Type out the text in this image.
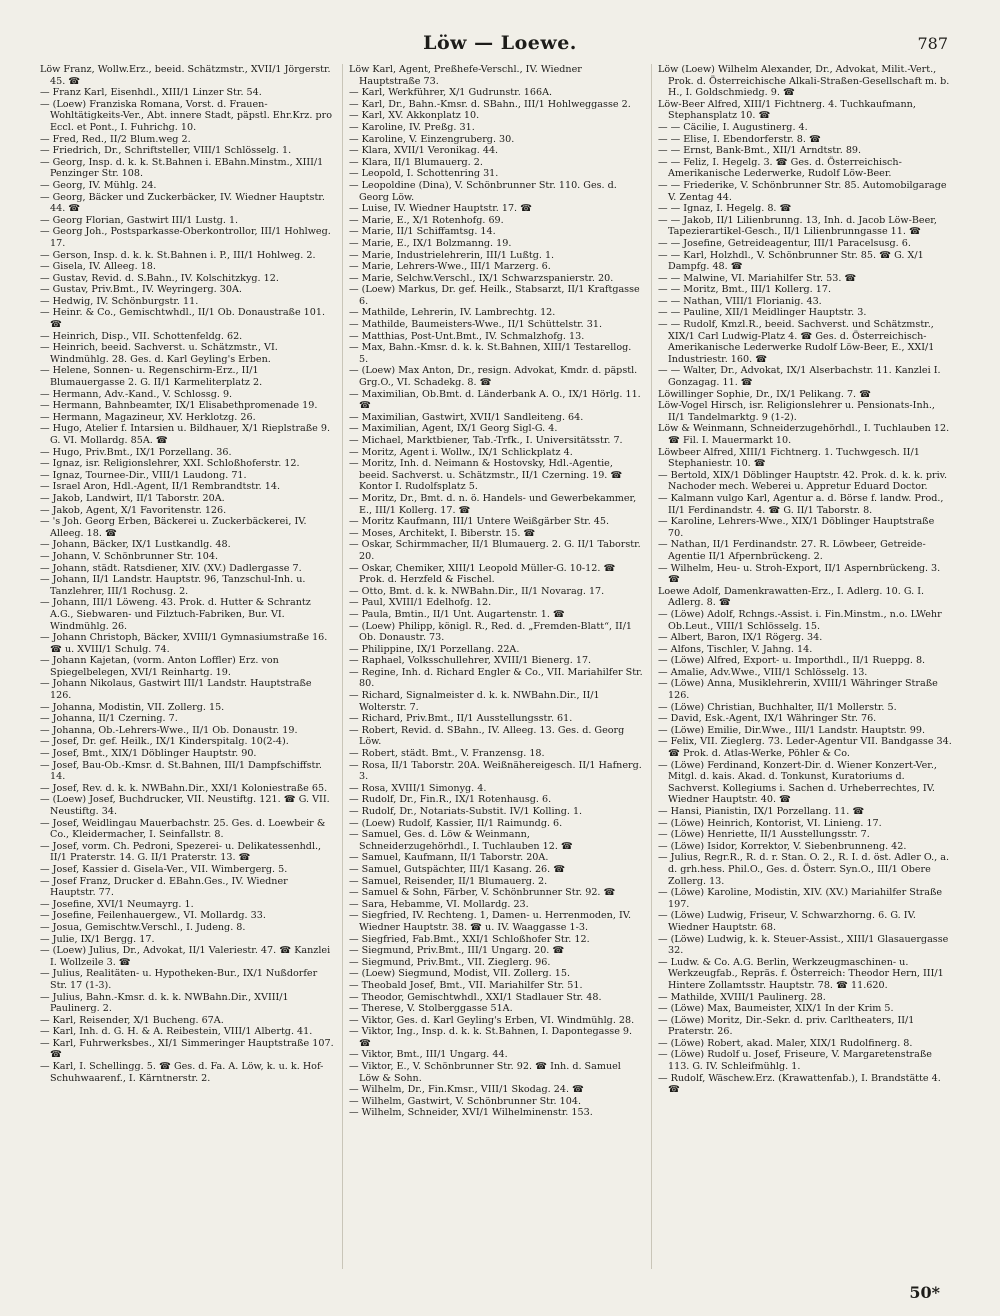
Löw — Loewe.	787

Löw Franz, Wollw.Erz., beeid. Schätzmstr., XVII/1 Jörgerstr. 45. ☎

— Franz Karl, Eisenhdl., XIII/1 Linzer Str. 54.

— (Loew) Franziska Romana, Vorst. d. Frauen-Wohltätigkeits-Ver., Abt. innere Stadt, päpstl. Ehr.Krz. pro Eccl. et Pont., I. Fuhrichg. 10.

— Fred, Red., II/2 Blum.weg 2.

— Friedrich, Dr., Schriftsteller, VIII/1 Schlösselg. 1.

— Georg, Insp. d. k. k. St.Bahnen i. EBahn.Minstm., XIII/1 Penzinger Str. 108.

— Georg, IV. Mühlg. 24.

— Georg, Bäcker und Zuckerbäcker, IV. Wiedner Hauptstr. 44. ☎

— Georg Florian, Gastwirt III/1 Lustg. 1.

— Georg Joh., Postsparkasse-Oberkontrollor, III/1 Hohlweg. 17.

— Gerson, Insp. d. k. k. St.Bahnen i. P., III/1 Hohlweg. 2.

— Gisela, IV. Alleeg. 18.

— Gustav, Revid. d. S.Bahn., IV. Kolschitzkyg. 12.

— Gustav, Priv.Bmt., IV. Weyringerg. 30A.

— Hedwig, IV. Schönburgstr. 11.

— Heinr. & Co., Gemischtwhdl., II/1 Ob. Donaustraße 101. ☎

— Heinrich, Disp., VII. Schottenfeldg. 62.

— Heinrich, beeid. Sachverst. u. Schätzmstr., VI. Windmühlg. 28. Ges. d. Karl Geyling's Erben.

— Helene, Sonnen- u. Regenschirm-Erz., II/1 Blumauergasse 2. G. II/1 Karmeliterplatz 2.

— Hermann, Adv.-Kand., V. Schlossg. 9.

— Hermann, Bahnbeamter, IX/1 Elisabethpromenade 19.

— Hermann, Magazineur, XV. Herklotzg. 26.

— Hugo, Atelier f. Intarsien u. Bildhauer, X/1 Rieplstraße 9. G. VI. Mollardg. 85A. ☎

— Hugo, Priv.Bmt., IX/1 Porzellang. 36.

— Ignaz, isr. Religionslehrer, XXI. Schloßhoferstr. 12.

— Ignaz, Tournee-Dir., VIII/1 Laudong. 71.

— Israel Aron, Hdl.-Agent, II/1 Rembrandtstr. 14.

— Jakob, Landwirt, II/1 Taborstr. 20A.

— Jakob, Agent, X/1 Favoritenstr. 126.

— 's Joh. Georg Erben, Bäckerei u. Zuckerbäckerei, IV. Alleeg. 18. ☎

— Johann, Bäcker, IX/1 Lustkandlg. 48.

— Johann, V. Schönbrunner Str. 104.

— Johann, städt. Ratsdiener, XIV. (XV.) Dadlergasse 7.

— Johann, II/1 Landstr. Hauptstr. 96, Tanzschul-Inh. u. Tanzlehrer, III/1 Rochusg. 2.

— Johann, III/1 Löweng. 43. Prok. d. Hutter & Schrantz A.G., Siebwaren- und Filztuch-Fabriken, Bur. VI. Windmühlg. 26.

— Johann Christoph, Bäcker, XVIII/1 Gymnasiumstraße 16. ☎ u. XVIII/1 Schulg. 74.

— Johann Kajetan, (vorm. Anton Loffler) Erz. von Spiegelbelegen, XVI/1 Reinhartg. 19.

— Johann Nikolaus, Gastwirt III/1 Landstr. Hauptstraße 126.

— Johanna, Modistin, VII. Zollerg. 15.

— Johanna, II/1 Czerning. 7.

— Johanna, Ob.-Lehrers-Wwe., II/1 Ob. Donaustr. 19.

— Josef, Dr. gef. Heilk., IX/1 Kinderspitalg. 10(2-4).

— Josef, Bmt., XIX/1 Döblinger Hauptstr. 90.

— Josef, Bau-Ob.-Kmsr. d. St.Bahnen, III/1 Dampfschiffstr. 14.

— Josef, Rev. d. k. k. NWBahn.Dir., XXI/1 Koloniestraße 65.

— (Loew) Josef, Buchdrucker, VII. Neustiftg. 121. ☎ G. VII. Neustiftg. 34.

— Josef, Weidlingau Mauerbachstr. 25. Ges. d. Loewbeir & Co., Kleidermacher, I. Seinfallstr. 8.

— Josef, vorm. Ch. Pedroni, Spezerei- u. Delikatessenhdl., II/1 Praterstr. 14. G. II/1 Praterstr. 13. ☎

— Josef, Kassier d. Gisela-Ver., VII. Wimbergerg. 5.

— Josef Franz, Drucker d. EBahn.Ges., IV. Wiedner Hauptstr. 77.

— Josefine, XVI/1 Neumayrg. 1.

— Josefine, Feilenhauergew., VI. Mollardg. 33.

— Josua, Gemischtw.Verschl., I. Judeng. 8.

— Julie, IX/1 Bergg. 17.

— (Loew) Julius, Dr., Advokat, II/1 Valeriestr. 47. ☎ Kanzlei I. Wollzeile 3. ☎

— Julius, Realitäten- u. Hypotheken-Bur., IX/1 Nußdorfer Str. 17 (1-3).

— Julius, Bahn.-Kmsr. d. k. k. NWBahn.Dir., XVIII/1 Paulinerg. 2.

— Karl, Reisender, X/1 Bucheng. 67A.

— Karl, Inh. d. G. H. & A. Reibestein, VIII/1 Albertg. 41.

— Karl, Fuhrwerksbes., XI/1 Simmeringer Hauptstraße 107. ☎

— Karl, I. Schellingg. 5. ☎ Ges. d. Fa. A. Löw, k. u. k. Hof-Schuhwaarenf., I. Kärntnerstr. 2.

Löw Karl, Agent, Preßhefe-Verschl., IV. Wiedner Hauptstraße 73.

— Karl, Werkführer, X/1 Gudrunstr. 166A.

— Karl, Dr., Bahn.-Kmsr. d. SBahn., III/1 Hohlweggasse 2.

— Karl, XV. Akkonplatz 10.

— Karoline, IV. Preßg. 31.

— Karoline, V. Einzengruberg. 30.

— Klara, XVII/1 Veronikag. 44.

— Klara, II/1 Blumauerg. 2.

— Leopold, I. Schottenring 31.

— Leopoldine (Dina), V. Schönbrunner Str. 110. Ges. d. Georg Löw.

— Luise, IV. Wiedner Hauptstr. 17. ☎

— Marie, E., X/1 Rotenhofg. 69.

— Marie, II/1 Schiffamtsg. 14.

— Marie, E., IX/1 Bolzmanng. 19.

— Marie, Industrielehrerin, III/1 Lußtg. 1.

— Marie, Lehrers-Wwe., III/1 Marzerg. 6.

— Marie, Selchw.Verschl., IX/1 Schwarzspanierstr. 20.

— (Loew) Markus, Dr. gef. Heilk., Stabsarzt, II/1 Kraftgasse 6.

— Mathilde, Lehrerin, IV. Lambrechtg. 12.

— Mathilde, Baumeisters-Wwe., II/1 Schüttelstr. 31.

— Matthias, Post-Unt.Bmt., IV. Schmalzhofg. 13.

— Max, Bahn.-Kmsr. d. k. k. St.Bahnen, XIII/1 Testarellog. 5.

— (Loew) Max Anton, Dr., resign. Advokat, Kmdr. d. päpstl. Grg.O., VI. Schadekg. 8. ☎

— Maximilian, Ob.Bmt. d. Länderbank A. O., IX/1 Hörlg. 11. ☎

— Maximilian, Gastwirt, XVII/1 Sandleiteng. 64.

— Maximilian, Agent, IX/1 Georg Sigl-G. 4.

— Michael, Marktbiener, Tab.-Trfk., I. Universitätsstr. 7.

— Moritz, Agent i. Wollw., IX/1 Schlickplatz 4.

— Moritz, Inh. d. Neimann & Hostovsky, Hdl.-Agentie, beeid. Sachverst. u. Schätzmstr., II/1 Czerning. 19. ☎ Kontor I. Rudolfsplatz 5.

— Moritz, Dr., Bmt. d. n. ö. Handels- und Gewerbekammer, E., III/1 Kollerg. 17. ☎

— Moritz Kaufmann, III/1 Untere Weißgärber Str. 45.

— Moses, Architekt, I. Biberstr. 15. ☎

— Oskar, Schirmmacher, II/1 Blumauerg. 2. G. II/1 Taborstr. 20.

— Oskar, Chemiker, XIII/1 Leopold Müller-G. 10-12. ☎ Prok. d. Herzfeld & Fischel.

— Otto, Bmt. d. k. k. NWBahn.Dir., II/1 Novarag. 17.

— Paul, XVIII/1 Edelhofg. 12.

— Paula, Bmtin., II/1 Unt. Augartenstr. 1. ☎

— (Loew) Philipp, königl. R., Red. d. „Fremden-Blatt“, II/1 Ob. Donaustr. 73.

— Philippine, IX/1 Porzellang. 22A.

— Raphael, Volksschullehrer, XVIII/1 Bienerg. 17.

— Regine, Inh. d. Richard Engler & Co., VII. Mariahilfer Str. 80.

— Richard, Signalmeister d. k. k. NWBahn.Dir., II/1 Wolterstr. 7.

— Richard, Priv.Bmt., II/1 Ausstellungsstr. 61.

— Robert, Revid. d. SBahn., IV. Alleeg. 13. Ges. d. Georg Löw.

— Robert, städt. Bmt., V. Franzensg. 18.

— Rosa, II/1 Taborstr. 20A. Weißnähereigesch. II/1 Hafnerg. 3.

— Rosa, XVIII/1 Simonyg. 4.

— Rudolf, Dr., Fin.R., IX/1 Rotenhausg. 6.

— Rudolf, Dr., Notariats-Substit. IV/1 Kolling. 1.

— (Loew) Rudolf, Kassier, II/1 Raimundg. 6.

— Samuel, Ges. d. Löw & Weinmann, Schneiderzugehörhdl., I. Tuchlauben 12. ☎

— Samuel, Kaufmann, II/1 Taborstr. 20A.

— Samuel, Gutspächter, III/1 Kasang. 26. ☎

— Samuel, Reisender, II/1 Blumauerg. 2.

— Samuel & Sohn, Färber, V. Schönbrunner Str. 92. ☎

— Sara, Hebamme, VI. Mollardg. 23.

— Siegfried, IV. Rechteng. 1, Damen- u. Herrenmoden, IV. Wiedner Hauptstr. 38. ☎ u. IV. Waaggasse 1-3.

— Siegfried, Fab.Bmt., XXI/1 Schloßhofer Str. 12.

— Siegmund, Priv.Bmt., III/1 Ungarg. 20. ☎

— Siegmund, Priv.Bmt., VII. Zieglerg. 96.

— (Loew) Siegmund, Modist, VII. Zollerg. 15.

— Theobald Josef, Bmt., VII. Mariahilfer Str. 51.

— Theodor, Gemischtwhdl., XXI/1 Stadlauer Str. 48.

— Therese, V. Stolberggasse 51A.

— Viktor, Ges. d. Karl Geyling's Erben, VI. Windmühlg. 28.

— Viktor, Ing., Insp. d. k. k. St.Bahnen, I. Dapontegasse 9. ☎

— Viktor, Bmt., III/1 Ungarg. 44.

— Viktor, E., V. Schönbrunner Str. 92. ☎ Inh. d. Samuel Löw & Sohn.

— Wilhelm, Dr., Fin.Kmsr., VIII/1 Skodag. 24. ☎

— Wilhelm, Gastwirt, V. Schönbrunner Str. 104.

— Wilhelm, Schneider, XVI/1 Wilhelminenstr. 153.

Löw (Loew) Wilhelm Alexander, Dr., Advokat, Milit.-Vert., Prok. d. Österreichische Alkali-Straßen-Gesellschaft m. b. H., I. Goldschmiedg. 9. ☎

Löw-Beer Alfred, XIII/1 Fichtnerg. 4. Tuchkaufmann, Stephansplatz 10. ☎

— — Cäcilie, I. Augustinerg. 4.

— — Elise, I. Ebendorferstr. 8. ☎

— — Ernst, Bank-Bmt., XII/1 Arndtstr. 89.

— — Feliz, I. Hegelg. 3. ☎ Ges. d. Österreichisch-Amerikanische Lederwerke, Rudolf Löw-Beer.

— — Friederike, V. Schönbrunner Str. 85. Automobilgarage V. Zentag 44.

— — Ignaz, I. Hegelg. 8. ☎

— — Jakob, II/1 Lilienbrunng. 13, Inh. d. Jacob Löw-Beer, Tapezierartikel-Gesch., II/1 Lilienbrunngasse 11. ☎

— — Josefine, Getreideagentur, III/1 Paracelsusg. 6.

— — Karl, Holzhdl., V. Schönbrunner Str. 85. ☎ G. X/1 Dampfg. 48. ☎

— — Malwine, VI. Mariahilfer Str. 53. ☎

— — Moritz, Bmt., III/1 Kollerg. 17.

— — Nathan, VIII/1 Florianig. 43.

— — Pauline, XII/1 Meidlinger Hauptstr. 3.

— — Rudolf, Kmzl.R., beeid. Sachverst. und Schätzmstr., XIX/1 Carl Ludwig-Platz 4. ☎ Ges. d. Österreichisch-Amerikanische Lederwerke Rudolf Löw-Beer, E., XXI/1 Industriestr. 160. ☎

— — Walter, Dr., Advokat, IX/1 Alserbachstr. 11. Kanzlei I. Gonzagag. 11. ☎

Löwillinger Sophie, Dr., IX/1 Pelikang. 7. ☎

Löw-Vogel Hirsch, isr. Religionslehrer u. Pensionats-Inh., II/1 Tandelmarktg. 9 (1-2).

Löw & Weinmann, Schneiderzugehörhdl., I. Tuchlauben 12. ☎ Fil. I. Mauermarkt 10.

Löwbeer Alfred, XIII/1 Fichtnerg. 1. Tuchwgesch. II/1 Stephaniestr. 10. ☎

— Bertold, XIX/1 Döblinger Hauptstr. 42. Prok. d. k. k. priv. Nachoder mech. Weberei u. Appretur Eduard Doctor.

— Kalmann vulgo Karl, Agentur a. d. Börse f. landw. Prod., II/1 Ferdinandstr. 4. ☎ G. II/1 Taborstr. 8.

— Karoline, Lehrers-Wwe., XIX/1 Döblinger Hauptstraße 70.

— Nathan, II/1 Ferdinandstr. 27. R. Löwbeer, Getreide-Agentie II/1 Afpernbrückeng. 2.

— Wilhelm, Heu- u. Stroh-Export, II/1 Aspernbrückeng. 3. ☎

Loewe Adolf, Damenkrawatten-Erz., I. Adlerg. 10. G. I. Adlerg. 8. ☎

— (Löwe) Adolf, Rchngs.-Assist. i. Fin.Minstm., n.o. LWehr Ob.Leut., VIII/1 Schlösselg. 15.

— Albert, Baron, IX/1 Rögerg. 34.

— Alfons, Tischler, V. Jahng. 14.

— (Löwe) Alfred, Export- u. Importhdl., II/1 Rueppg. 8.

— Amalie, Adv.Wwe., VIII/1 Schlösselg. 13.

— (Löwe) Anna, Musiklehrerin, XVIII/1 Währinger Straße 126.

— (Löwe) Christian, Buchhalter, II/1 Mollerstr. 5.

— David, Esk.-Agent, IX/1 Währinger Str. 76.

— (Löwe) Emilie, Dir.Wwe., III/1 Landstr. Hauptstr. 99.

— Felix, VII. Zieglerg. 73. Leder-Agentur VII. Bandgasse 34. ☎ Prok. d. Atlas-Werke, Pöhler & Co.

— (Löwe) Ferdinand, Konzert-Dir. d. Wiener Konzert-Ver., Mitgl. d. kais. Akad. d. Tonkunst, Kuratoriums d. Sachverst. Kollegiums i. Sachen d. Urheberrechtes, IV. Wiedner Hauptstr. 40. ☎

— Hansi, Pianistin, IX/1 Porzellang. 11. ☎

— (Löwe) Heinrich, Kontorist, VI. Linieng. 17.

— (Löwe) Henriette, II/1 Ausstellungsstr. 7.

— (Löwe) Isidor, Korrektor, V. Siebenbrunneng. 42.

— Julius, Regr.R., R. d. r. Stan. O. 2., R. I. d. öst. Adler O., a. d. grh.hess. Phil.O., Ges. d. Österr. Syn.O., III/1 Obere Zollerg. 13.

— (Löwe) Karoline, Modistin, XIV. (XV.) Mariahilfer Straße 197.

— (Löwe) Ludwig, Friseur, V. Schwarzhorng. 6. G. IV. Wiedner Hauptstr. 68.

— (Löwe) Ludwig, k. k. Steuer-Assist., XIII/1 Glasauergasse 32.

— Ludw. & Co. A.G. Berlin, Werkzeugmaschinen- u. Werkzeugfab., Repräs. f. Österreich: Theodor Hern, III/1 Hintere Zollamtsstr. Hauptstr. 78. ☎ 11.620.

— Mathilde, XVIII/1 Paulinerg. 28.

— (Löwe) Max, Baumeister, XIX/1 In der Krim 5.

— (Löwe) Moritz, Dir.-Sekr. d. priv. Carltheaters, II/1 Praterstr. 26.

— (Löwe) Robert, akad. Maler, XIX/1 Rudolfinerg. 8.

— (Löwe) Rudolf u. Josef, Friseure, V. Margaretenstraße 113. G. IV. Schleifmühlg. 1.

— Rudolf, Wäschew.Erz. (Krawattenfab.), I. Brandstätte 4. ☎

50*
